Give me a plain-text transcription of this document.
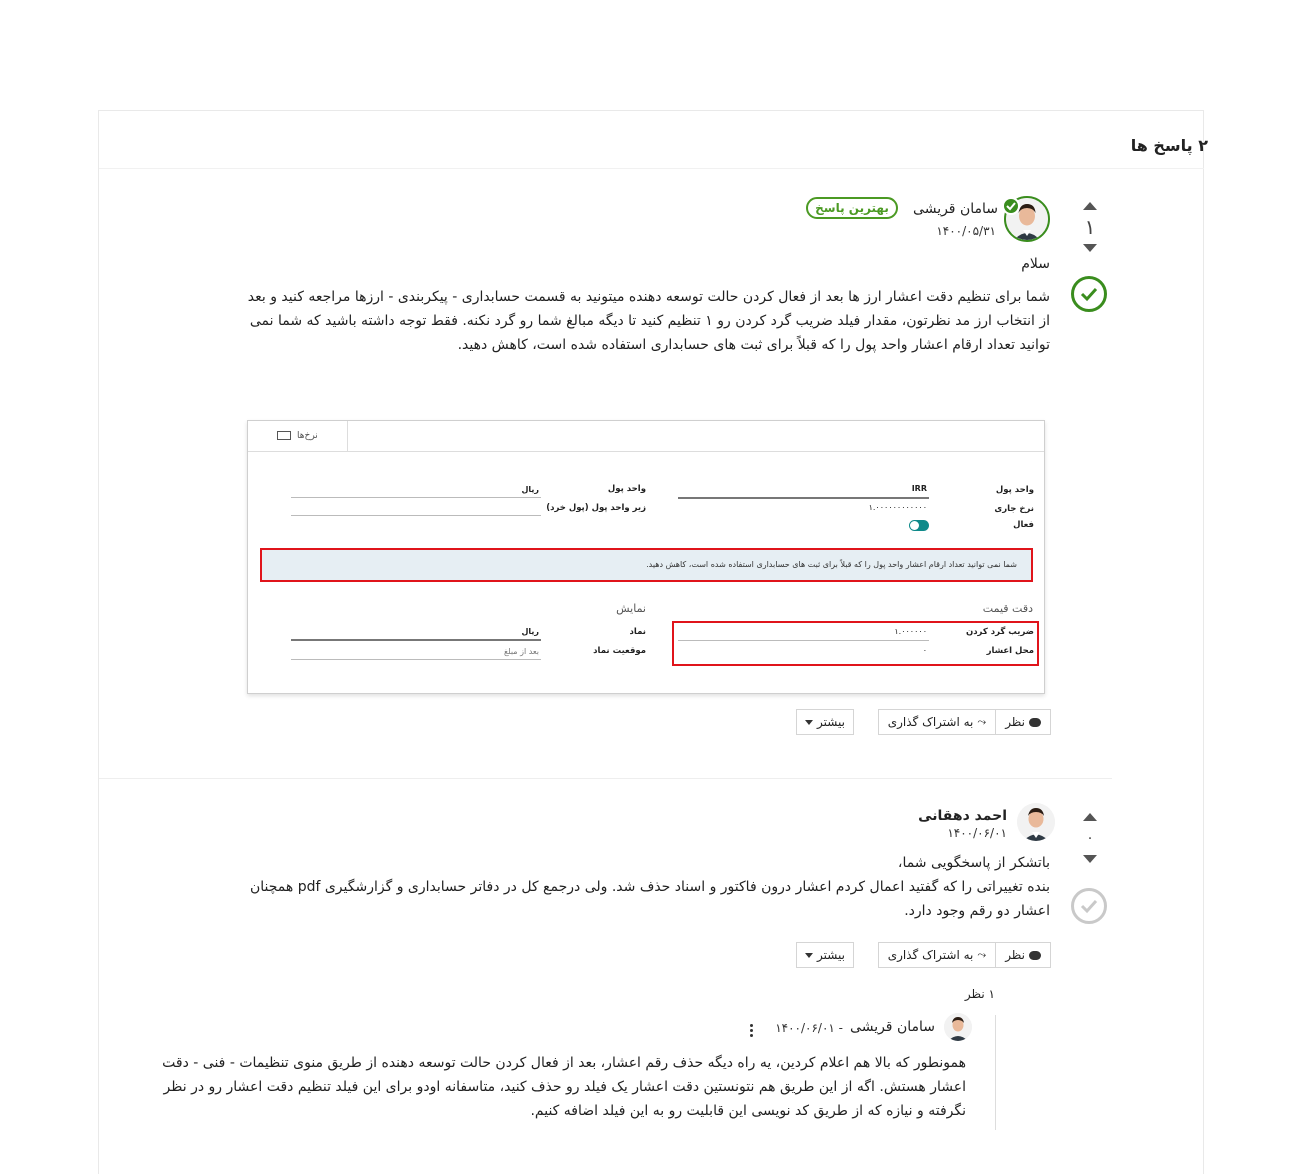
۲ پاسخ ها
۱
سامان قریشی
۱۴۰۰/۰۵/۳۱
بهترین پاسخ
سلام
شما برای تنظیم دقت اعشار ارز ها بعد از فعال کردن حالت توسعه دهنده میتونید به قسمت حسابداری - پیکربندی - ارزها مراجعه کنید و بعد از انتخاب ارز مد نظرتون، مقدار فیلد ضریب گرد کردن رو ۱ تنظیم کنید تا دیگه مبالغ شما رو گرد نکنه. فقط توجه داشته باشید که شما نمی توانید تعداد ارقام اعشار واحد پول را که قبلاً برای ثبت های حسابداری استفاده شده است، کاهش دهید.
نرخ‌ها
واحد پول
IRR
نرخ جاری
۱.۰۰۰۰۰۰۰۰۰۰۰۰
فعال
واحد پول
ریال
زیر واحد پول (پول خرد)
شما نمی توانید تعداد ارقام اعشار واحد پول را که قبلاً برای ثبت های حسابداری استفاده شده است، کاهش دهید.
دقت قیمت
نمایش
ضریب گرد کردن
۱.۰۰۰۰۰۰
محل اعشار
۰
نماد
ریال
موقعیت نماد
بعد از مبلغ
نظر
⤳
به اشتراک گذاری
بیشتر
۰
احمد دهقانی
۱۴۰۰/۰۶/۰۱
باتشکر از پاسخگویی شما،
بنده تغییراتی را که گفتید اعمال کردم اعشار درون فاکتور و اسناد حذف شد. ولی درجمع کل در دفاتر حسابداری و گزارشگیری pdf همچنان اعشار دو رقم وجود دارد.
نظر
⤳
به اشتراک گذاری
بیشتر
۱ نظر
سامان قریشی
- ۱۴۰۰/۰۶/۰۱
همونطور که بالا هم اعلام کردین، یه راه دیگه حذف رقم اعشار، بعد از فعال کردن حالت توسعه دهنده از طریق منوی تنظیمات - فنی - دقت اعشار هستش. اگه از این طریق هم نتونستین دقت اعشار یک فیلد رو حذف کنید، متاسفانه اودو برای این فیلد تنظیم دقت اعشار رو در نظر نگرفته و نیازه که از طریق کد نویسی این قابلیت رو به این فیلد اضافه کنیم.
